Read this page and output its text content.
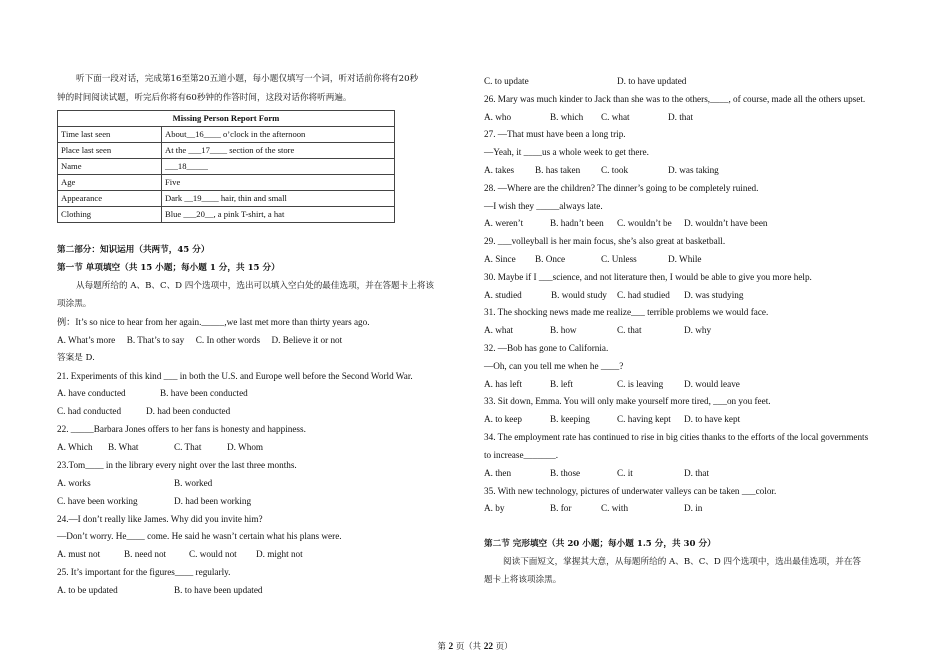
听下面一段对话，完成第16至第20五道小题，每小题仅填写一个词，听对话前你将有20秒
钟的时间阅读试题，听完后你将有60秒钟的作答时间，这段对话你将听两遍。
Missing Person Report Form	
Time last seen	About__16____ o’clock in the afternoon
Place last seen	At the ___17____ section of the store
Name	___18_____
Age	Five
Appearance	Dark __19____ hair, thin and small
Clothing	Blue ___20__, a pink T-shirt, a hat
第二部分：知识运用（共两节，45 分）
第一节 单项填空（共 15 小题；每小题 1 分，共 15 分）
从每题所给的 A、B、C、D 四个选项中，选出可以填入空白处的最佳选项，并在答题卡上将该
项涂黑。
例：It’s so nice to hear from her again._____,we last met more than thirty years ago.
A. What’s more     B. That’s to say     C. In other words     D. Believe it or not
答案是 D.
21. Experiments of this kind ___ in both the U.S. and Europe well before the Second World War.
A. have conducted	B. have been conducted
C. had conducted	D. had been conducted
22. _____Barbara Jones offers to her fans is honesty and happiness.
A. Which B. What	C. That	D. Whom
23.Tom____ in the library every night over the last three months.
A. works	B. worked
C. have been working	D. had been working
24.—I don’t really like James. Why did you invite him?
—Don’t worry. He____ come. He said he wasn’t certain what his plans were.
A. must not	B. need not C. would not D. might not
25. It’s important for the figures____ regularly.
A. to be updated	B. to have been updated
C. to update	D. to have updated
26. Mary was much kinder to Jack than she was to the others,____, of course, made all the others upset.
A. who	B. which C. what	D. that
27. —That must have been a long trip.
—Yeah, it ____us a whole week to get there.
A. takes B. has taken C. took	D. was taking
28. —Where are the children? The dinner’s going to be completely ruined.
—I wish they _____always late.
A. weren’t	B. hadn’t been C. wouldn’t be D. wouldn’t have been
29. ___volleyball is her main focus, she’s also great at basketball.
A. Since B. Once	C. Unless	D. While
30. Maybe if I ___science, and not literature then, I would be able to give you more help.
A. studied	B. would study C. had studied D. was studying
31. The shocking news made me realize___ terrible problems we would face.
A. what	B. how	C. that	D. why
32. —Bob has gone to California.
—Oh, can you tell me when he ____?
A. has left	B. left	C. is leaving D. would leave
33. Sit down, Emma. You will only make yourself more tired, ___on you feet.
A. to keep	B. keeping	C. having kept D. to have kept
34. The employment rate has continued to rise in big cities thanks to the efforts of the local governments
to increase_______.
A. then	B. those	C. it	D. that
35. With new technology, pictures of underwater valleys can be taken ___color.
A. by	B. for	C. with	D. in
第二节 完形填空（共 20 小题；每小题 1.5 分，共 30 分）
阅读下面短文，掌握其大意，从每题所给的 A、B、C、D 四个选项中，选出最佳选项，并在答
题卡上将该项涂黑。
第 2 页（共 22 页）
